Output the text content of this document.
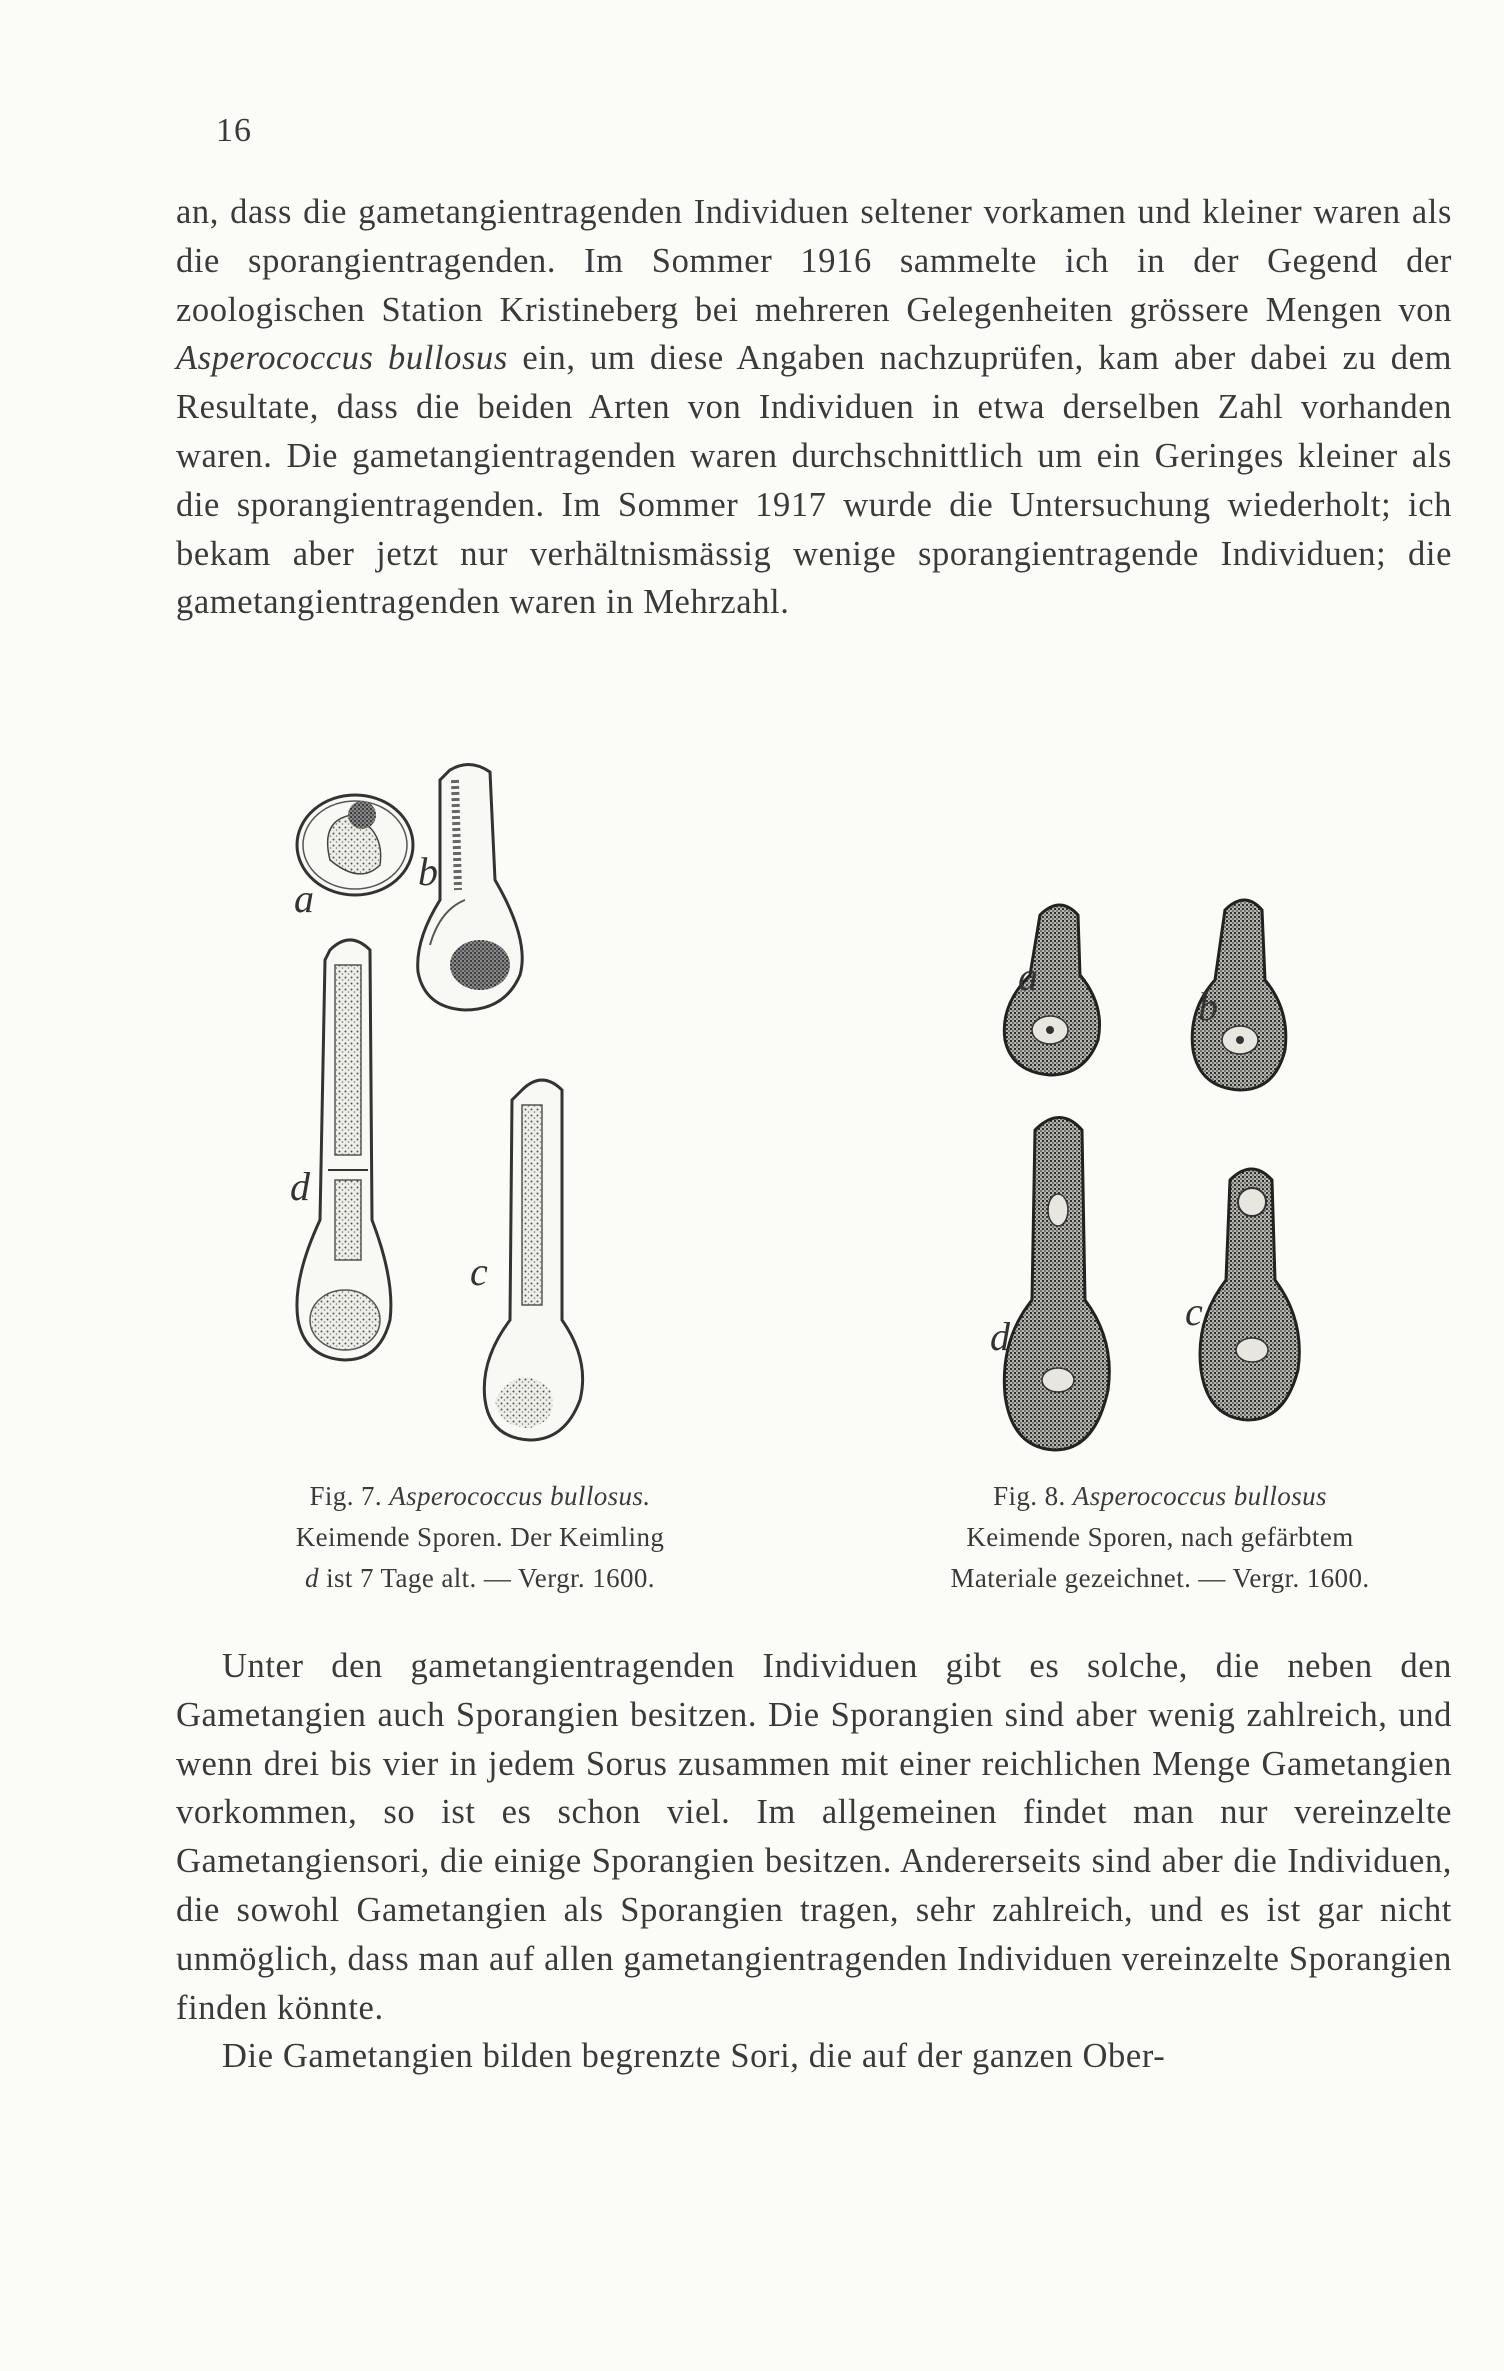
16
an, dass die gametangientragenden Individuen seltener vorkamen und kleiner waren als die sporangientragenden. Im Sommer 1916 sammelte ich in der Gegend der zoologischen Station Kristineberg bei mehreren Gelegenheiten grössere Mengen von Asperococcus bullosus ein, um diese Angaben nachzuprüfen, kam aber dabei zu dem Resultate, dass die beiden Arten von Individuen in etwa derselben Zahl vorhanden waren. Die gametangientragenden waren durchschnittlich um ein Geringes kleiner als die sporangientragenden. Im Sommer 1917 wurde die Untersuchung wiederholt; ich bekam aber jetzt nur verhältnismässig wenige sporangientragende Individuen; die gametangientragenden waren in Mehrzahl.
a
b
d
c
a
b
d
c
Fig. 7. Asperococcus bullosus.
Keimende Sporen. Der Keimling
d ist 7 Tage alt. — Vergr. 1600.
Fig. 8. Asperococcus bullosus
Keimende Sporen, nach gefärbtem
Materiale gezeichnet. — Vergr. 1600.

Unter den gametangientragenden Individuen gibt es solche, die neben den Gametangien auch Sporangien besitzen. Die Sporangien sind aber wenig zahlreich, und wenn drei bis vier in jedem Sorus zusammen mit einer reichlichen Menge Gametangien vorkommen, so ist es schon viel. Im allgemeinen findet man nur vereinzelte Gametangiensori, die einige Sporangien besitzen. Andererseits sind aber die Individuen, die sowohl Gametangien als Sporangien tragen, sehr zahlreich, und es ist gar nicht unmöglich, dass man auf allen gametangientragenden Individuen vereinzelte Sporangien finden könnte.

Die Gametangien bilden begrenzte Sori, die auf der ganzen Ober-
